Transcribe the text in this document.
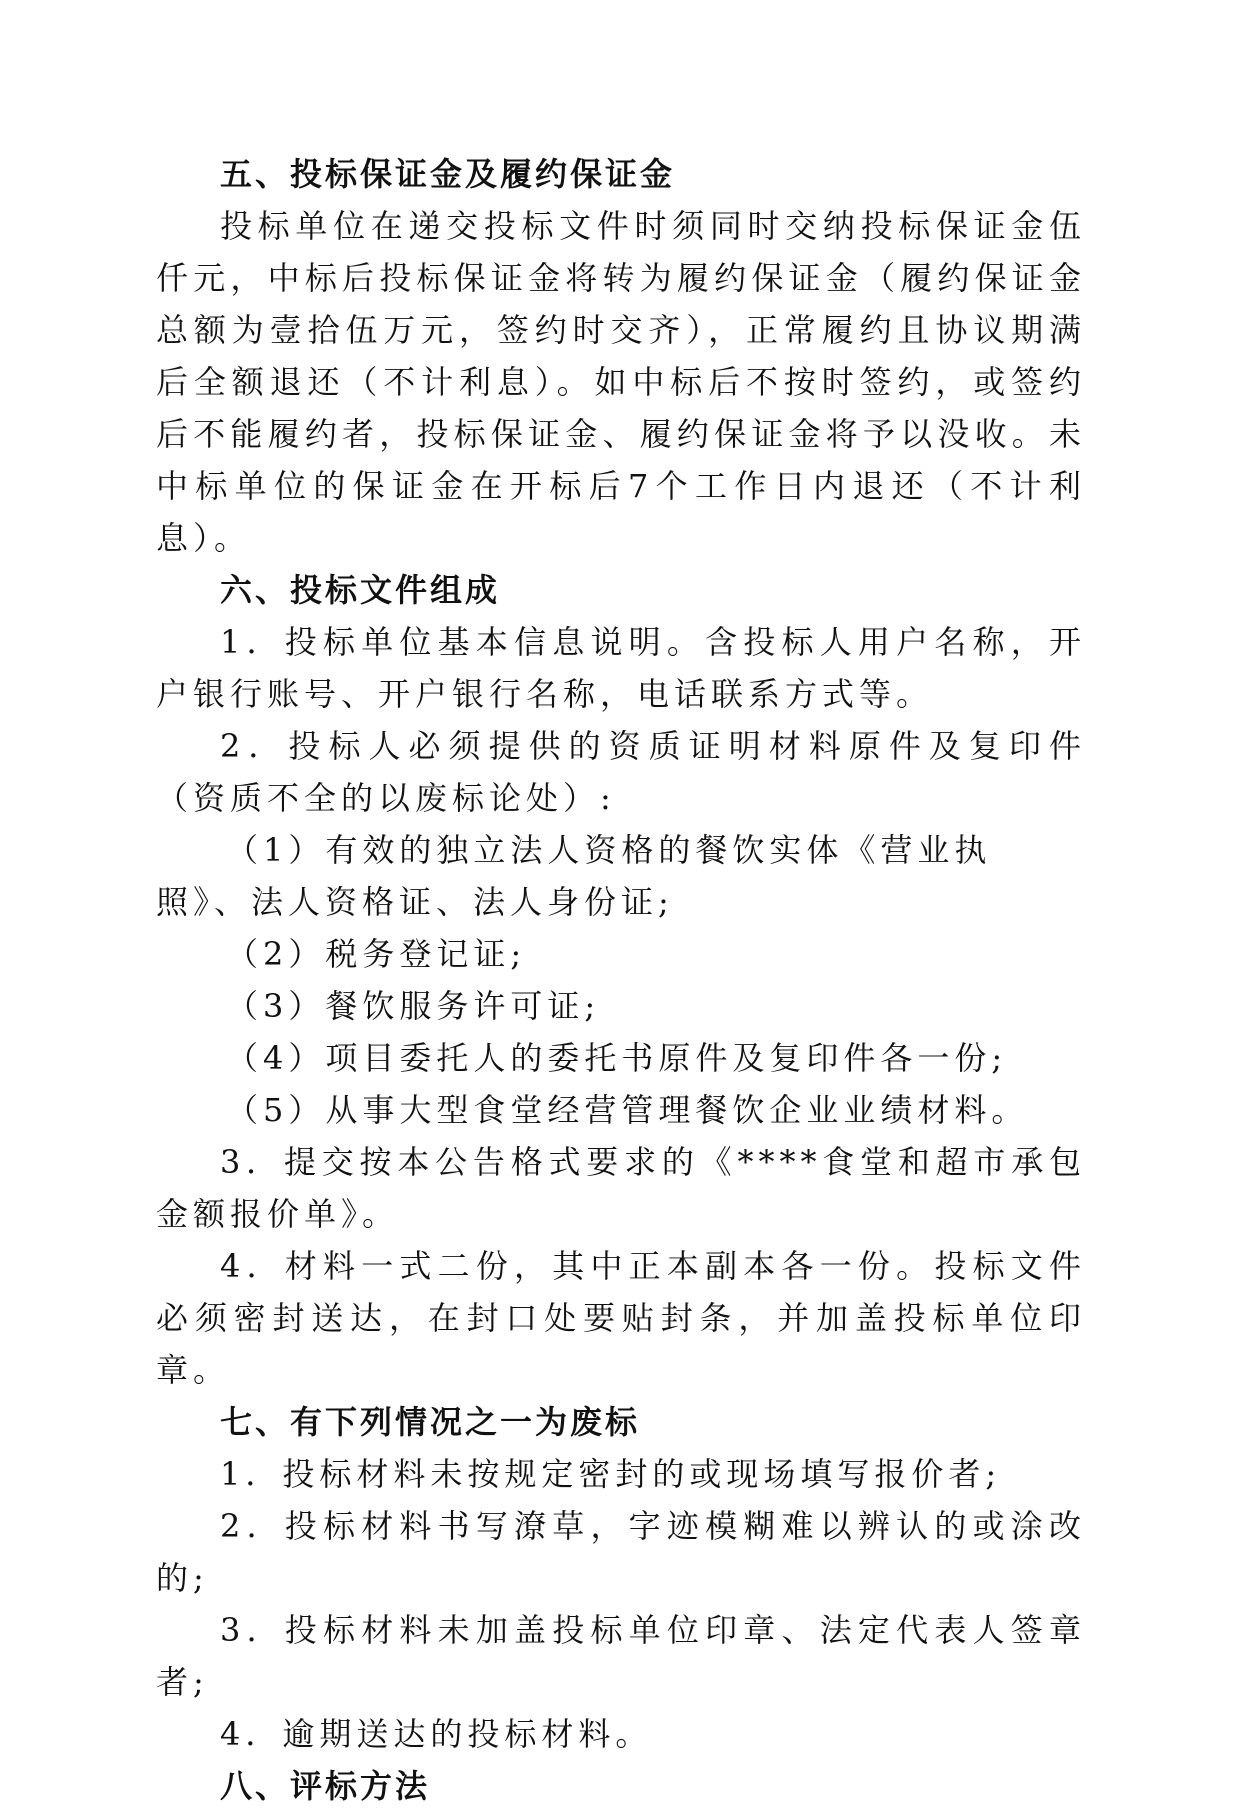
五、投标保证金及履约保证金

投标单位在递交投标文件时须同时交纳投标保证金伍仟元，中标后投标保证金将转为履约保证金（履约保证金总额为壹拾伍万元，签约时交齐），正常履约且协议期满后全额退还（不计利息）。如中标后不按时签约，或签约后不能履约者，投标保证金、履约保证金将予以没收。未中标单位的保证金在开标后7个工作日内退还（不计利息）。

六、投标文件组成

1．投标单位基本信息说明。含投标人用户名称，开户银行账号、开户银行名称，电话联系方式等。

2．投标人必须提供的资质证明材料原件及复印件（资质不全的以废标论处）:

（1）有效的独立法人资格的餐饮实体《营业执照》、法人资格证、法人身份证;

（2）税务登记证;

（3）餐饮服务许可证;

（4）项目委托人的委托书原件及复印件各一份;

（5）从事大型食堂经营管理餐饮企业业绩材料。

3．提交按本公告格式要求的《****食堂和超市承包金额报价单》。

4．材料一式二份，其中正本副本各一份。投标文件必须密封送达，在封口处要贴封条，并加盖投标单位印章。

七、有下列情况之一为废标

1．投标材料未按规定密封的或现场填写报价者;

2．投标材料书写潦草，字迹模糊难以辨认的或涂改的;

3．投标材料未加盖投标单位印章、法定代表人签章者;

4．逾期送达的投标材料。

八、评标方法
